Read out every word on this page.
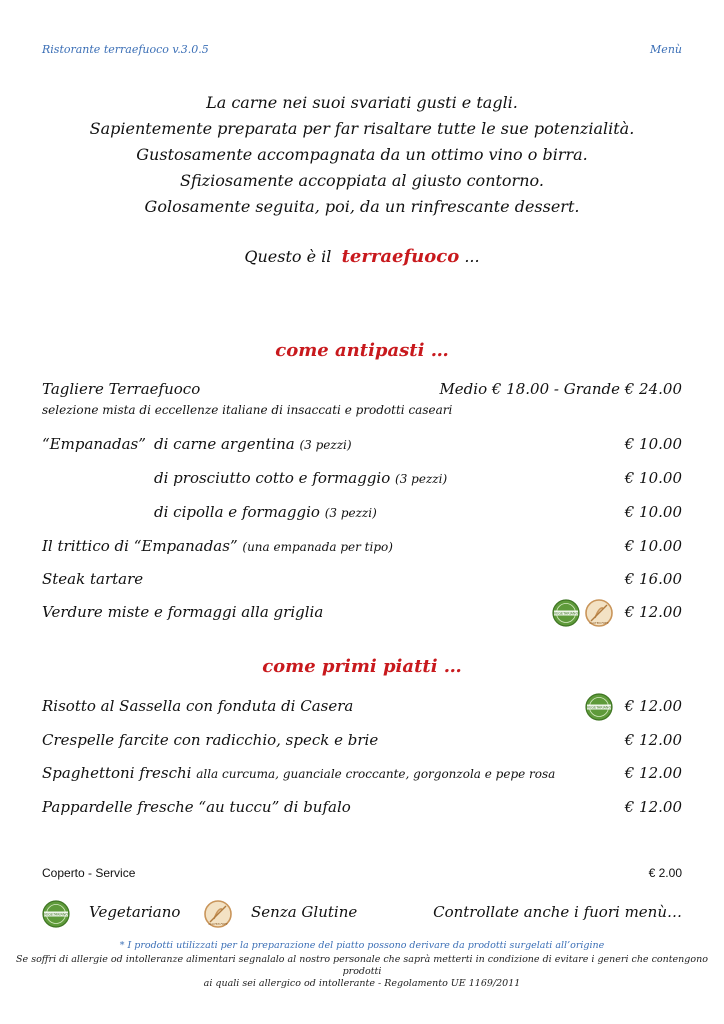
Ristorante terraefuoco v.3.0.5	Menù
La carne nei suoi svariati gusti e tagli.
Sapientemente preparata per far risaltare tutte le sue potenzialità.
Gustosamente accompagnata da un ottimo vino o birra.
Sfiziosamente accoppiata al giusto contorno.
Golosamente seguita, poi, da un rinfrescante dessert.
Questo è il terraefuoco ...
come antipasti …
Tagliere Terraefuoco	Medio € 18.00 - Grande € 24.00
selezione mista di eccellenze italiane di insaccati e prodotti caseari
“Empanadas” di carne argentina (3 pezzi)	€ 10.00
di prosciutto cotto e formaggio (3 pezzi)	€ 10.00
di cipolla e formaggio (3 pezzi)	€ 10.00
Il trittico di “Empanadas” (una empanada per tipo)	€ 10.00
Steak tartare	€ 16.00
Verdure miste e formaggi alla griglia	€ 12.00
VEGETARIANO
GLUTEN FREE
come primi piatti …
Risotto al Sassella con fonduta di Casera	€ 12.00
VEGETARIANO
Crespelle farcite con radicchio, speck e brie	€ 12.00
Spaghettoni freschi alla curcuma, guanciale croccante, gorgonzola e pepe rosa	€ 12.00
Pappardelle fresche “au tuccu” di bufalo	€ 12.00
Coperto - Service	€ 2.00
VEGETARIANO Vegetariano
GLUTEN FREE
Senza Glutine	Controllate anche i fuori menù…
* I prodotti utilizzati per la preparazione del piatto possono derivare da prodotti surgelati all’origine
Se soffri di allergie od intolleranze alimentari segnalalo al nostro personale che saprà metterti in condizione di evitare i generi che contengono prodotti
ai quali sei allergico od intollerante - Regolamento UE 1169/2011
